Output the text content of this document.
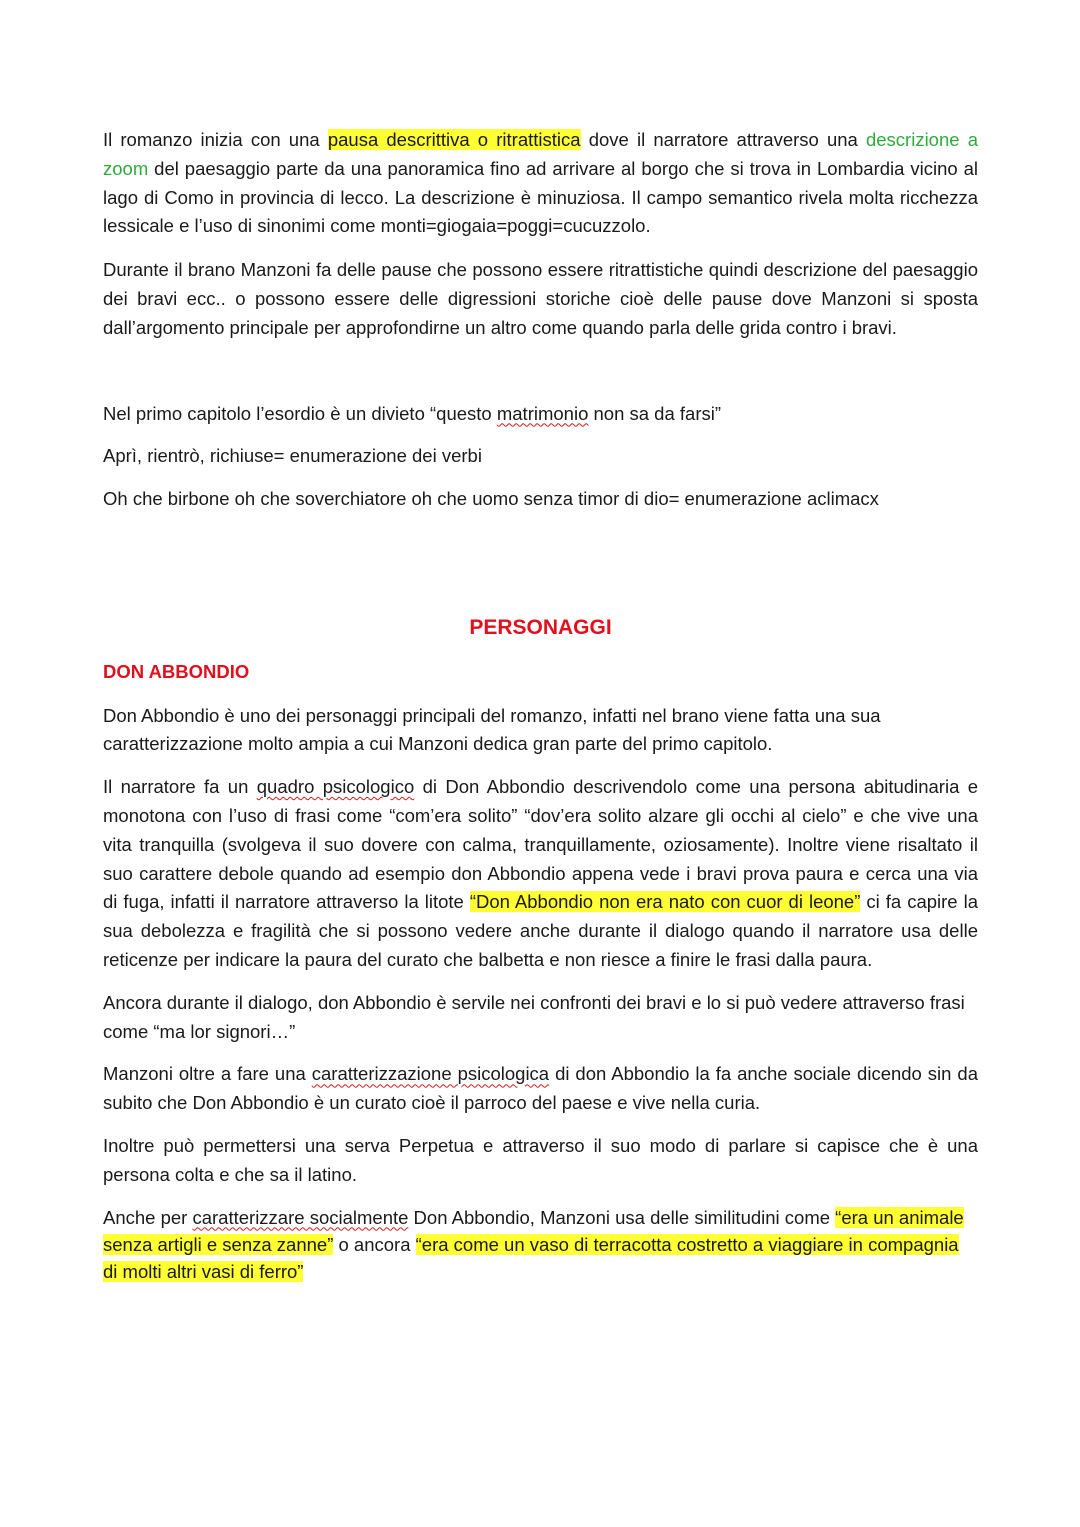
Il romanzo inizia con una pausa descrittiva o ritrattistica dove il narratore attraverso una descrizione a zoom del paesaggio parte da una panoramica fino ad arrivare al borgo che si trova in Lombardia vicino al lago di Como in provincia di lecco. La descrizione è minuziosa. Il campo semantico rivela molta ricchezza lessicale e l’uso di sinonimi come monti=giogaia=poggi=cucuzzolo.

Durante il brano Manzoni fa delle pause che possono essere ritrattistiche quindi descrizione del paesaggio dei bravi ecc.. o possono essere delle digressioni storiche cioè delle pause dove Manzoni si sposta dall’argomento principale per approfondirne un altro come quando parla delle grida contro i bravi.

Nel primo capitolo l’esordio è un divieto “questo matrimonio non sa da farsi”

Aprì, rientrò, richiuse= enumerazione dei verbi

Oh che birbone oh che soverchiatore oh che uomo senza timor di dio= enumerazione aclimacx

PERSONAGGI

DON ABBONDIO

Don Abbondio è uno dei personaggi principali del romanzo, infatti nel brano viene fatta una sua caratterizzazione molto ampia a cui Manzoni dedica gran parte del primo capitolo.

Il narratore fa un quadro psicologico di Don Abbondio descrivendolo come una persona abitudinaria e monotona con l’uso di frasi come “com’era solito” “dov’era solito alzare gli occhi al cielo” e che vive una vita tranquilla (svolgeva il suo dovere con calma, tranquillamente, oziosamente). Inoltre viene risaltato il suo carattere debole quando ad esempio don Abbondio appena vede i bravi prova paura e cerca una via di fuga, infatti il narratore attraverso la litote “Don Abbondio non era nato con cuor di leone” ci fa capire la sua debolezza e fragilità che si possono vedere anche durante il dialogo quando il narratore usa delle reticenze per indicare la paura del curato che balbetta e non riesce a finire le frasi dalla paura.

Ancora durante il dialogo, don Abbondio è servile nei confronti dei bravi e lo si può vedere attraverso frasi come “ma lor signori…”

Manzoni oltre a fare una caratterizzazione psicologica di don Abbondio la fa anche sociale dicendo sin da subito che Don Abbondio è un curato cioè il parroco del paese e vive nella curia.

Inoltre può permettersi una serva Perpetua e attraverso il suo modo di parlare si capisce che è una persona colta e che sa il latino.

Anche per caratterizzare socialmente Don Abbondio, Manzoni usa delle similitudini come “era un animale senza artigli e senza zanne” o ancora “era come un vaso di terracotta costretto a viaggiare in compagnia di molti altri vasi di ferro”
